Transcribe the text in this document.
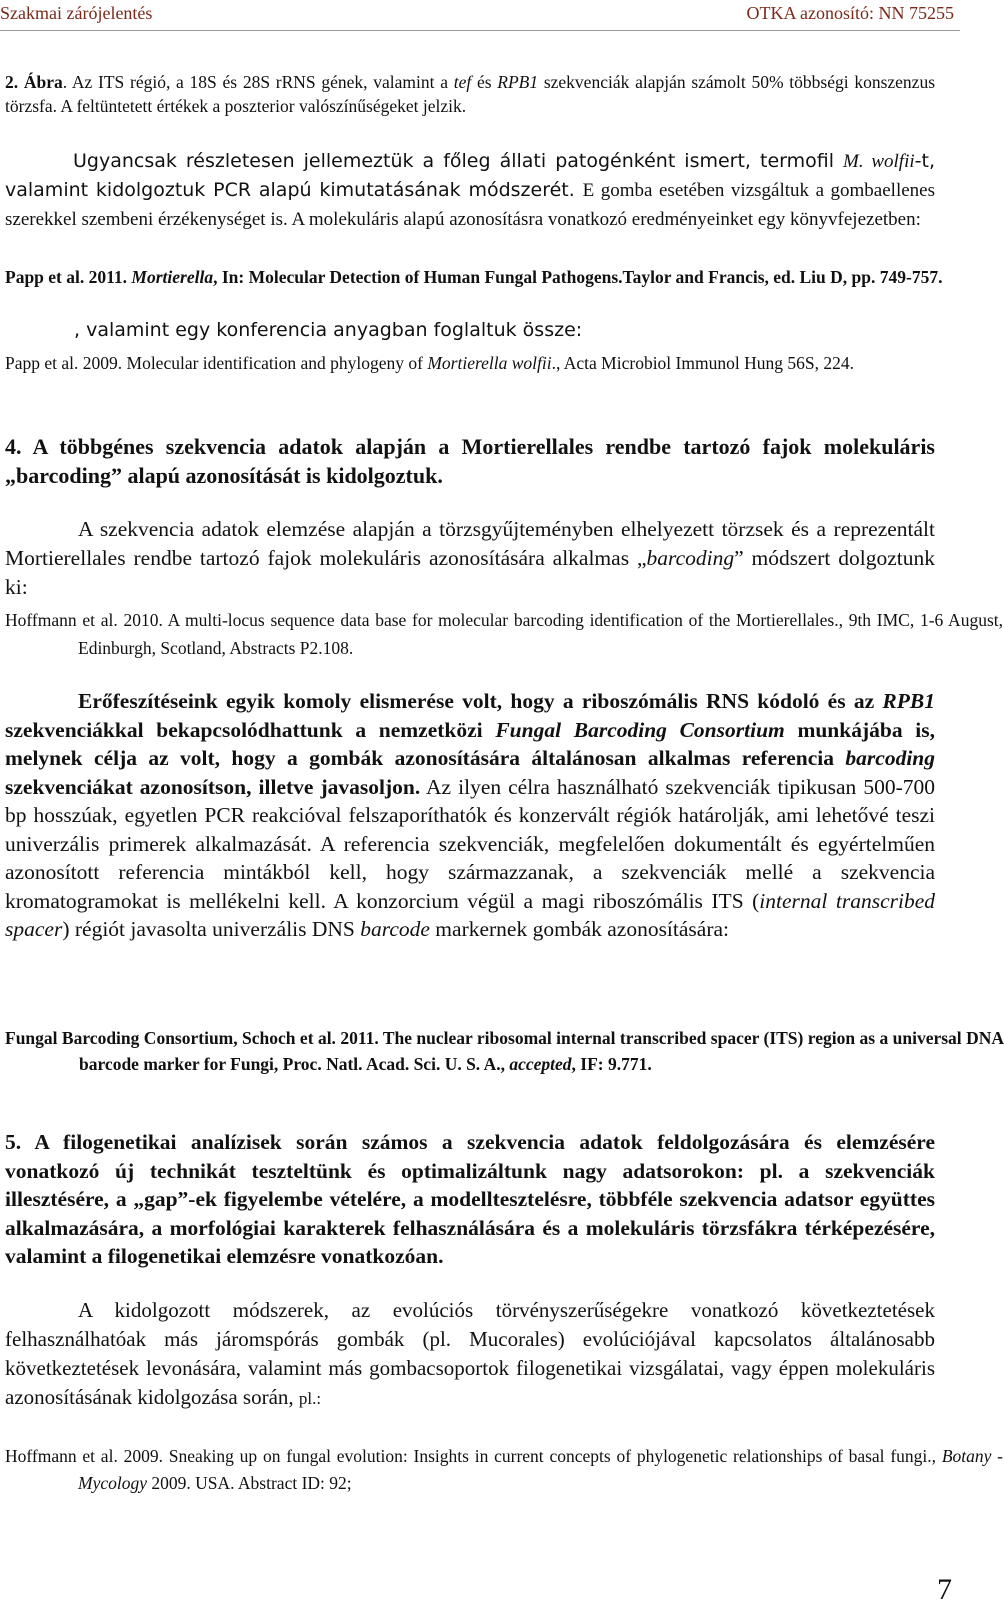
Szakmai zárójelentés	OTKA azonosító: NN 75255

2. Ábra. Az ITS régió, a 18S és 28S rRNS gének, valamint a tef és RPB1 szekvenciák alapján számolt 50% többségi konszenzus törzsfa. A feltüntetett értékek a poszterior valószínűségeket jelzik.

Ugyancsak részletesen jellemeztük a főleg állati patogénként ismert, termofil M. wolfii-t, valamint kidolgoztuk PCR alapú kimutatásának módszerét. E gomba esetében vizsgáltuk a gombaellenes szerekkel szembeni érzékenységet is. A molekuláris alapú azonosításra vonatkozó eredményeinket egy könyvfejezetben:

Papp et al. 2011. Mortierella, In: Molecular Detection of Human Fungal Pathogens.Taylor and Francis, ed. Liu D, pp. 749-757.

, valamint egy konferencia anyagban foglaltuk össze:

Papp et al. 2009. Molecular identification and phylogeny of Mortierella wolfii., Acta Microbiol Immunol Hung 56S, 224.

4. A többgénes szekvencia adatok alapján a Mortierellales rendbe tartozó fajok molekuláris „barcoding” alapú azonosítását is kidolgoztuk.

A szekvencia adatok elemzése alapján a törzsgyűjteményben elhelyezett törzsek és a reprezentált Mortierellales rendbe tartozó fajok molekuláris azonosítására alkalmas „barcoding” módszert dolgoztunk ki:

Hoffmann et al. 2010. A multi-locus sequence data base for molecular barcoding identification of the Mortierellales., 9th IMC, 1-6 August, Edinburgh, Scotland, Abstracts P2.108.

Erőfeszítéseink egyik komoly elismerése volt, hogy a riboszómális RNS kódoló és az RPB1 szekvenciákkal bekapcsolódhattunk a nemzetközi Fungal Barcoding Consortium munkájába is, melynek célja az volt, hogy a gombák azonosítására általánosan alkalmas referencia barcoding szekvenciákat azonosítson, illetve javasoljon. Az ilyen célra használható szekvenciák tipikusan 500-700 bp hosszúak, egyetlen PCR reakcióval felszaporíthatók és konzervált régiók határolják, ami lehetővé teszi univerzális primerek alkalmazását. A referencia szekvenciák, megfelelően dokumentált és egyértelműen azonosított referencia mintákból kell, hogy származzanak, a szekvenciák mellé a szekvencia kromatogramokat is mellékelni kell. A konzorcium végül a magi riboszómális ITS (internal transcribed spacer) régiót javasolta univerzális DNS barcode markernek gombák azonosítására:

Fungal Barcoding Consortium, Schoch et al. 2011. The nuclear ribosomal internal transcribed spacer (ITS) region as a universal DNA barcode marker for Fungi, Proc. Natl. Acad. Sci. U. S. A., accepted, IF: 9.771.

5. A filogenetikai analízisek során számos a szekvencia adatok feldolgozására és elemzésére vonatkozó új technikát teszteltünk és optimalizáltunk nagy adatsorokon: pl. a szekvenciák illesztésére, a „gap”-ek figyelembe vételére, a modelltesztelésre, többféle szekvencia adatsor együttes alkalmazására, a morfológiai karakterek felhasználására és a molekuláris törzsfákra térképezésére, valamint a filogenetikai elemzésre vonatkozóan.

A kidolgozott módszerek, az evolúciós törvényszerűségekre vonatkozó következtetések felhasználhatóak más járomspórás gombák (pl. Mucorales) evolúciójával kapcsolatos általánosabb következtetések levonására, valamint más gombacsoportok filogenetikai vizsgálatai, vagy éppen molekuláris azonosításának kidolgozása során, pl.:

Hoffmann et al. 2009. Sneaking up on fungal evolution: Insights in current concepts of phylogenetic relationships of basal fungi., Botany - Mycology 2009. USA. Abstract ID: 92;

7
